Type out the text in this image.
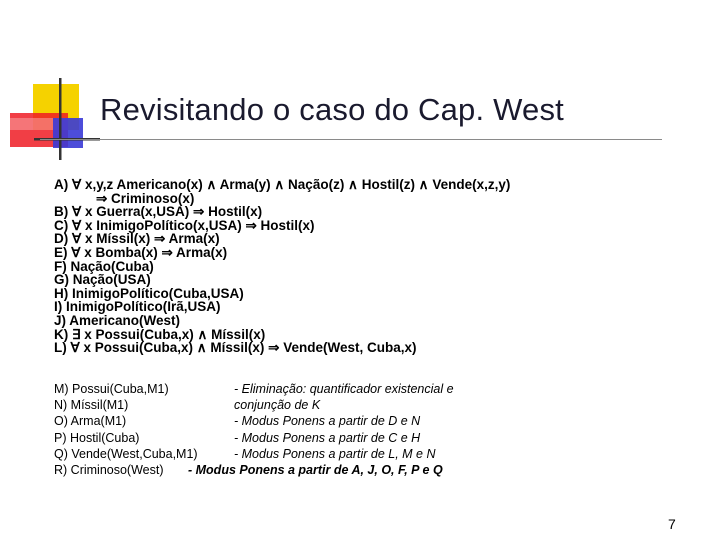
Revisitando o caso do Cap. West
A) ∀ x,y,z Americano(x) ∧ Arma(y) ∧ Nação(z) ∧ Hostil(z) ∧ Vende(x,z,y)
⇒ Criminoso(x)
B) ∀ x Guerra(x,USA) ⇒ Hostil(x)
C) ∀ x InimigoPolítico(x,USA) ⇒ Hostil(x)
D) ∀ x Míssil(x) ⇒ Arma(x)
E) ∀ x Bomba(x) ⇒ Arma(x)
F) Nação(Cuba)
G) Nação(USA)
H) InimigoPolítico(Cuba,USA)
I) InimigoPolítico(Irã,USA)
J) Americano(West)
K) ∃ x Possui(Cuba,x) ∧ Míssil(x)
L) ∀ x Possui(Cuba,x) ∧ Míssil(x) ⇒ Vende(West, Cuba,x)
M) Possui(Cuba,M1)	- Eliminação: quantificador existencial e
N) Míssil(M1)	conjunção de K
O) Arma(M1)	- Modus Ponens a partir de D e N
P) Hostil(Cuba)	- Modus Ponens a partir de C e H
Q) Vende(West,Cuba,M1)	- Modus Ponens a partir de L, M e N
R) Criminoso(West) - Modus Ponens a partir de A, J, O, F, P e Q
7
